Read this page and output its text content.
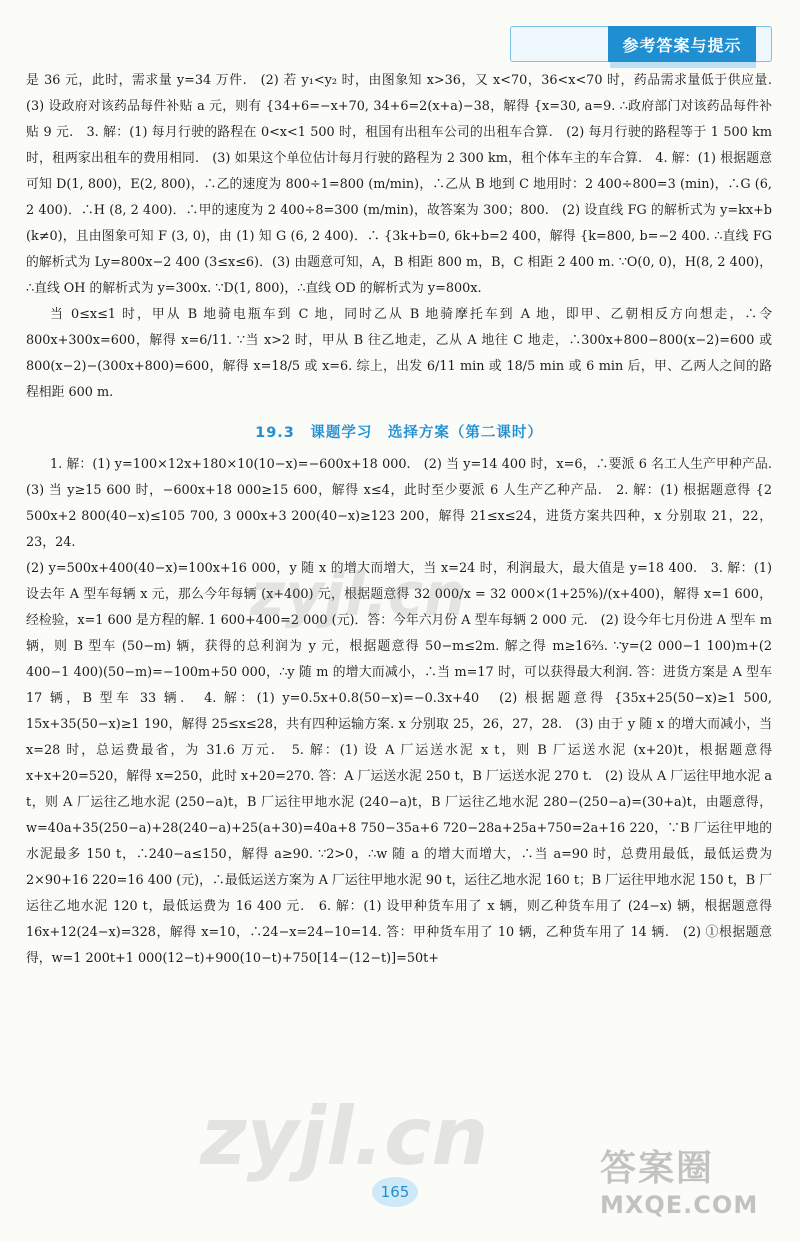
参考答案与提示

是 36 元，此时，需求量 y=34 万件.　(2) 若 y₁<y₂ 时，由图象知 x>36，又 x<70，36<x<70 时，药品需求量低于供应量.　(3) 设政府对该药品每件补贴 a 元，则有 {34+6=−x+70, 34+6=2(x+a)−38，解得 {x=30, a=9. ∴政府部门对该药品每件补贴 9 元.　3. 解：(1) 每月行驶的路程在 0<x<1 500 时，租国有出租车公司的出租车合算.　(2) 每月行驶的路程等于 1 500 km 时，租两家出租车的费用相同.　(3) 如果这个单位估计每月行驶的路程为 2 300 km，租个体车主的车合算.　4. 解：(1) 根据题意可知 D(1, 800)，E(2, 800)，∴乙的速度为 800÷1=800 (m/min)，∴乙从 B 地到 C 地用时：2 400÷800=3 (min)，∴G (6, 2 400)．∴H (8, 2 400)．∴甲的速度为 2 400÷8=300 (m/min)，故答案为 300；800.　(2) 设直线 FG 的解析式为 y=kx+b (k≠0)，且由图象可知 F (3, 0)，由 (1) 知 G (6, 2 400)．∴ {3k+b=0, 6k+b=2 400，解得 {k=800, b=−2 400. ∴直线 FG 的解析式为 Ly=800x−2 400 (3≤x≤6)．(3) 由题意可知，A，B 相距 800 m，B，C 相距 2 400 m. ∵O(0, 0)，H(8, 2 400)，∴直线 OH 的解析式为 y=300x. ∵D(1, 800)，∴直线 OD 的解析式为 y=800x.

当 0≤x≤1 时，甲从 B 地骑电瓶车到 C 地，同时乙从 B 地骑摩托车到 A 地，即甲、乙朝相反方向想走，∴令 800x+300x=600，解得 x=6/11. ∵当 x>2 时，甲从 B 往乙地走，乙从 A 地往 C 地走，∴300x+800−800(x−2)=600 或 800(x−2)−(300x+800)=600，解得 x=18/5 或 x=6. 综上，出发 6/11 min 或 18/5 min 或 6 min 后，甲、乙两人之间的路程相距 600 m.

19.3　课题学习　选择方案（第二课时）

1. 解：(1) y=100×12x+180×10(10−x)=−600x+18 000.　(2) 当 y=14 400 时，x=6，∴要派 6 名工人生产甲种产品.　(3) 当 y≥15 600 时，−600x+18 000≥15 600，解得 x≤4，此时至少要派 6 人生产乙种产品.　2. 解：(1) 根据题意得 {2 500x+2 800(40−x)≤105 700, 3 000x+3 200(40−x)≥123 200，解得 21≤x≤24，进货方案共四种，x 分别取 21，22，23，24.

(2) y=500x+400(40−x)=100x+16 000，y 随 x 的增大而增大，当 x=24 时，利润最大，最大值是 y=18 400.　3. 解：(1) 设去年 A 型车每辆 x 元，那么今年每辆 (x+400) 元，根据题意得 32 000/x = 32 000×(1+25%)/(x+400)，解得 x=1 600，经检验，x=1 600 是方程的解. 1 600+400=2 000 (元)．答：今年六月份 A 型车每辆 2 000 元.　(2) 设今年七月份进 A 型车 m 辆，则 B 型车 (50−m) 辆，获得的总利润为 y 元，根据题意得 50−m≤2m. 解之得 m≥16⅔. ∵y=(2 000−1 100)m+(2 400−1 400)(50−m)=−100m+50 000，∴y 随 m 的增大而减小，∴当 m=17 时，可以获得最大利润. 答：进货方案是 A 型车 17 辆，B 型车 33 辆.　4. 解：(1) y=0.5x+0.8(50−x)=−0.3x+40　(2) 根据题意得 {35x+25(50−x)≥1 500, 15x+35(50−x)≥1 190，解得 25≤x≤28，共有四种运输方案. x 分别取 25，26，27，28.　(3) 由于 y 随 x 的增大而减小，当 x=28 时，总运费最省，为 31.6 万元.　5. 解：(1) 设 A 厂运送水泥 x t，则 B 厂运送水泥 (x+20)t，根据题意得 x+x+20=520，解得 x=250，此时 x+20=270. 答：A 厂运送水泥 250 t，B 厂运送水泥 270 t.　(2) 设从 A 厂运往甲地水泥 a t，则 A 厂运往乙地水泥 (250−a)t，B 厂运往甲地水泥 (240−a)t，B 厂运往乙地水泥 280−(250−a)=(30+a)t，由题意得，w=40a+35(250−a)+28(240−a)+25(a+30)=40a+8 750−35a+6 720−28a+25a+750=2a+16 220，∵B 厂运往甲地的水泥最多 150 t，∴240−a≤150，解得 a≥90. ∵2>0，∴w 随 a 的增大而增大，∴当 a=90 时，总费用最低，最低运费为 2×90+16 220=16 400 (元)，∴最低运送方案为 A 厂运往甲地水泥 90 t，运往乙地水泥 160 t；B 厂运往甲地水泥 150 t，B 厂运往乙地水泥 120 t，最低运费为 16 400 元.　6. 解：(1) 设甲种货车用了 x 辆，则乙种货车用了 (24−x) 辆，根据题意得 16x+12(24−x)=328，解得 x=10，∴24−x=24−10=14. 答：甲种货车用了 10 辆，乙种货车用了 14 辆.　(2) ①根据题意得，w=1 200t+1 000(12−t)+900(10−t)+750[14−(12−t)]=50t+

zyjl.cn
zyjl.cn
165
答案圈
MXQE.COM
